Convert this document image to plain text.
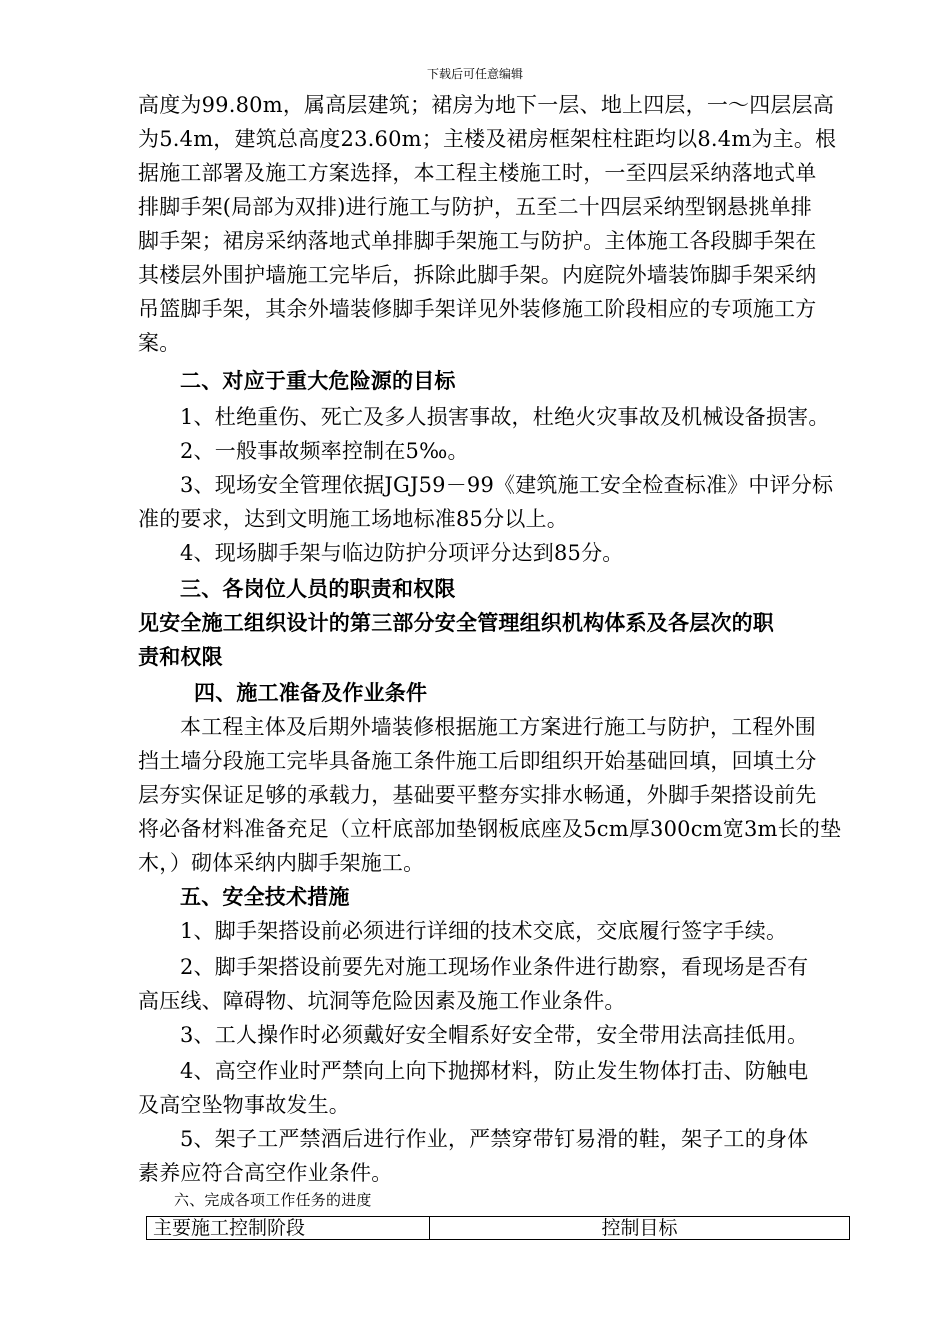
下载后可任意编辑

高度为99.80m，属高层建筑；裙房为地下一层、地上四层，一～四层层高

为5.4m，建筑总高度23.60m；主楼及裙房框架柱柱距均以8.4m为主。根

据施工部署及施工方案选择，本工程主楼施工时，一至四层采纳落地式单

排脚手架(局部为双排)进行施工与防护，五至二十四层采纳型钢悬挑单排

脚手架；裙房采纳落地式单排脚手架施工与防护。主体施工各段脚手架在

其楼层外围护墙施工完毕后，拆除此脚手架。内庭院外墙装饰脚手架采纳

吊篮脚手架，其余外墙装修脚手架详见外装修施工阶段相应的专项施工方

案。

二、对应于重大危险源的目标

1、杜绝重伤、死亡及多人损害事故，杜绝火灾事故及机械设备损害。

2、一般事故频率控制在5‰。

3、现场安全管理依据JGJ59－99《建筑施工安全检查标准》中评分标

准的要求，达到文明施工场地标准85分以上。

4、现场脚手架与临边防护分项评分达到85分。

三、各岗位人员的职责和权限

见安全施工组织设计的第三部分安全管理组织机构体系及各层次的职

责和权限

四、施工准备及作业条件

本工程主体及后期外墙装修根据施工方案进行施工与防护，工程外围

挡土墙分段施工完毕具备施工条件施工后即组织开始基础回填，回填土分

层夯实保证足够的承载力，基础要平整夯实排水畅通，外脚手架搭设前先

将必备材料准备充足（立杆底部加垫钢板底座及5cm厚300cm宽3m长的垫

木，）砌体采纳内脚手架施工。

五、安全技术措施

1、脚手架搭设前必须进行详细的技术交底，交底履行签字手续。

2、脚手架搭设前要先对施工现场作业条件进行勘察，看现场是否有

高压线、障碍物、坑洞等危险因素及施工作业条件。

3、工人操作时必须戴好安全帽系好安全带，安全带用法高挂低用。

4、高空作业时严禁向上向下抛掷材料，防止发生物体打击、防触电

及高空坠物事故发生。

5、架子工严禁酒后进行作业，严禁穿带钉易滑的鞋，架子工的身体

素养应符合高空作业条件。

六、完成各项工作任务的进度

主要施工控制阶段	控制目标
